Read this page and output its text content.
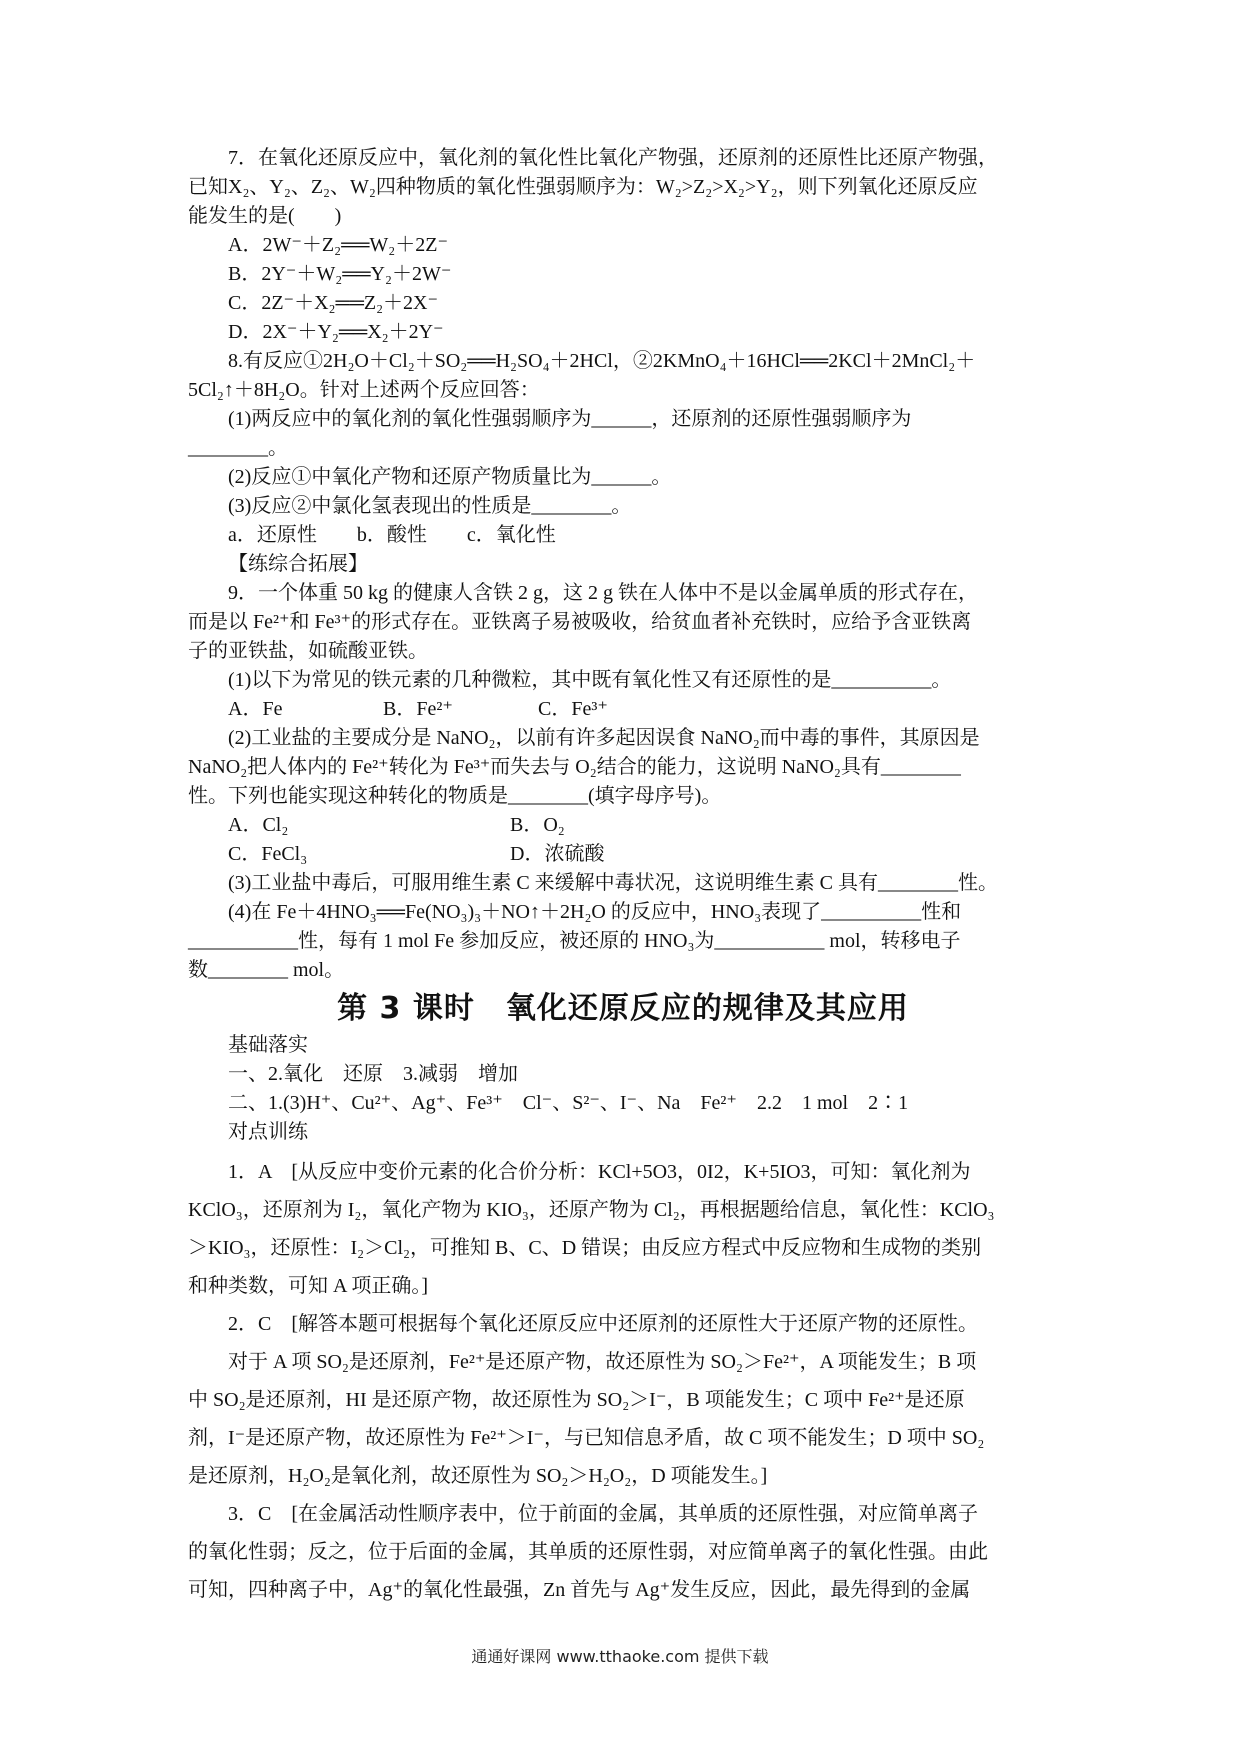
7．在氧化还原反应中，氧化剂的氧化性比氧化产物强，还原剂的还原性比还原产物强，
已知X₂、Y₂、Z₂、W₂四种物质的氧化性强弱顺序为：W₂>Z₂>X₂>Y₂，则下列氧化还原反应
能发生的是(　　)
A．2W⁻＋Z₂══W₂＋2Z⁻
B．2Y⁻＋W₂══Y₂＋2W⁻
C．2Z⁻＋X₂══Z₂＋2X⁻
D．2X⁻＋Y₂══X₂＋2Y⁻
8.有反应①2H₂O＋Cl₂＋SO₂══H₂SO₄＋2HCl，②2KMnO₄＋16HCl══2KCl＋2MnCl₂＋
5Cl₂↑＋8H₂O。针对上述两个反应回答：
(1)两反应中的氧化剂的氧化性强弱顺序为______，还原剂的还原性强弱顺序为
________。
(2)反应①中氧化产物和还原产物质量比为______。
(3)反应②中氯化氢表现出的性质是________。
a．还原性　　b．酸性　　c．氧化性
【练综合拓展】
9．一个体重 50 kg 的健康人含铁 2 g，这 2 g 铁在人体中不是以金属单质的形式存在，
而是以 Fe²⁺和 Fe³⁺的形式存在。亚铁离子易被吸收，给贫血者补充铁时，应给予含亚铁离
子的亚铁盐，如硫酸亚铁。
(1)以下为常见的铁元素的几种微粒，其中既有氧化性又有还原性的是__________。
A．Fe	B．Fe²⁺	C．Fe³⁺
(2)工业盐的主要成分是 NaNO₂，以前有许多起因误食 NaNO₂而中毒的事件，其原因是
NaNO₂把人体内的 Fe²⁺转化为 Fe³⁺而失去与 O₂结合的能力，这说明 NaNO₂具有________
性。下列也能实现这种转化的物质是________(填字母序号)。
A．Cl₂	B．O₂
C．FeCl₃	D．浓硫酸
(3)工业盐中毒后，可服用维生素 C 来缓解中毒状况，这说明维生素 C 具有________性。
(4)在 Fe＋4HNO₃══Fe(NO₃)₃＋NO↑＋2H₂O 的反应中，HNO₃表现了__________性和
___________性，每有 1 mol Fe 参加反应，被还原的 HNO₃为___________ mol，转移电子
数________ mol。
第 3 课时　氧化还原反应的规律及其应用
基础落实
一、2.氧化　还原　3.减弱　增加
二、1.(3)H⁺、Cu²⁺、Ag⁺、Fe³⁺　Cl⁻、S²⁻、I⁻、Na　Fe²⁺　2.2　1 mol　2∶1
对点训练
1．A　[从反应中变价元素的化合价分析：KCl+5O3，0I2，K+5IO3，可知：氧化剂为
KClO₃，还原剂为 I₂，氧化产物为 KIO₃，还原产物为 Cl₂，再根据题给信息，氧化性：KClO₃
＞KIO₃，还原性：I₂＞Cl₂，可推知 B、C、D 错误；由反应方程式中反应物和生成物的类别
和种类数，可知 A 项正确。]
2．C　[解答本题可根据每个氧化还原反应中还原剂的还原性大于还原产物的还原性。
对于 A 项 SO₂是还原剂，Fe²⁺是还原产物，故还原性为 SO₂＞Fe²⁺，A 项能发生；B 项
中 SO₂是还原剂，HI 是还原产物，故还原性为 SO₂＞I⁻，B 项能发生；C 项中 Fe²⁺是还原
剂，I⁻是还原产物，故还原性为 Fe²⁺＞I⁻，与已知信息矛盾，故 C 项不能发生；D 项中 SO₂
是还原剂，H₂O₂是氧化剂，故还原性为 SO₂＞H₂O₂，D 项能发生。]
3．C　[在金属活动性顺序表中，位于前面的金属，其单质的还原性强，对应简单离子
的氧化性弱；反之，位于后面的金属，其单质的还原性弱，对应简单离子的氧化性强。由此
可知，四种离子中，Ag⁺的氧化性最强，Zn 首先与 Ag⁺发生反应，因此，最先得到的金属
通通好课网 www.tthaoke.com 提供下载
